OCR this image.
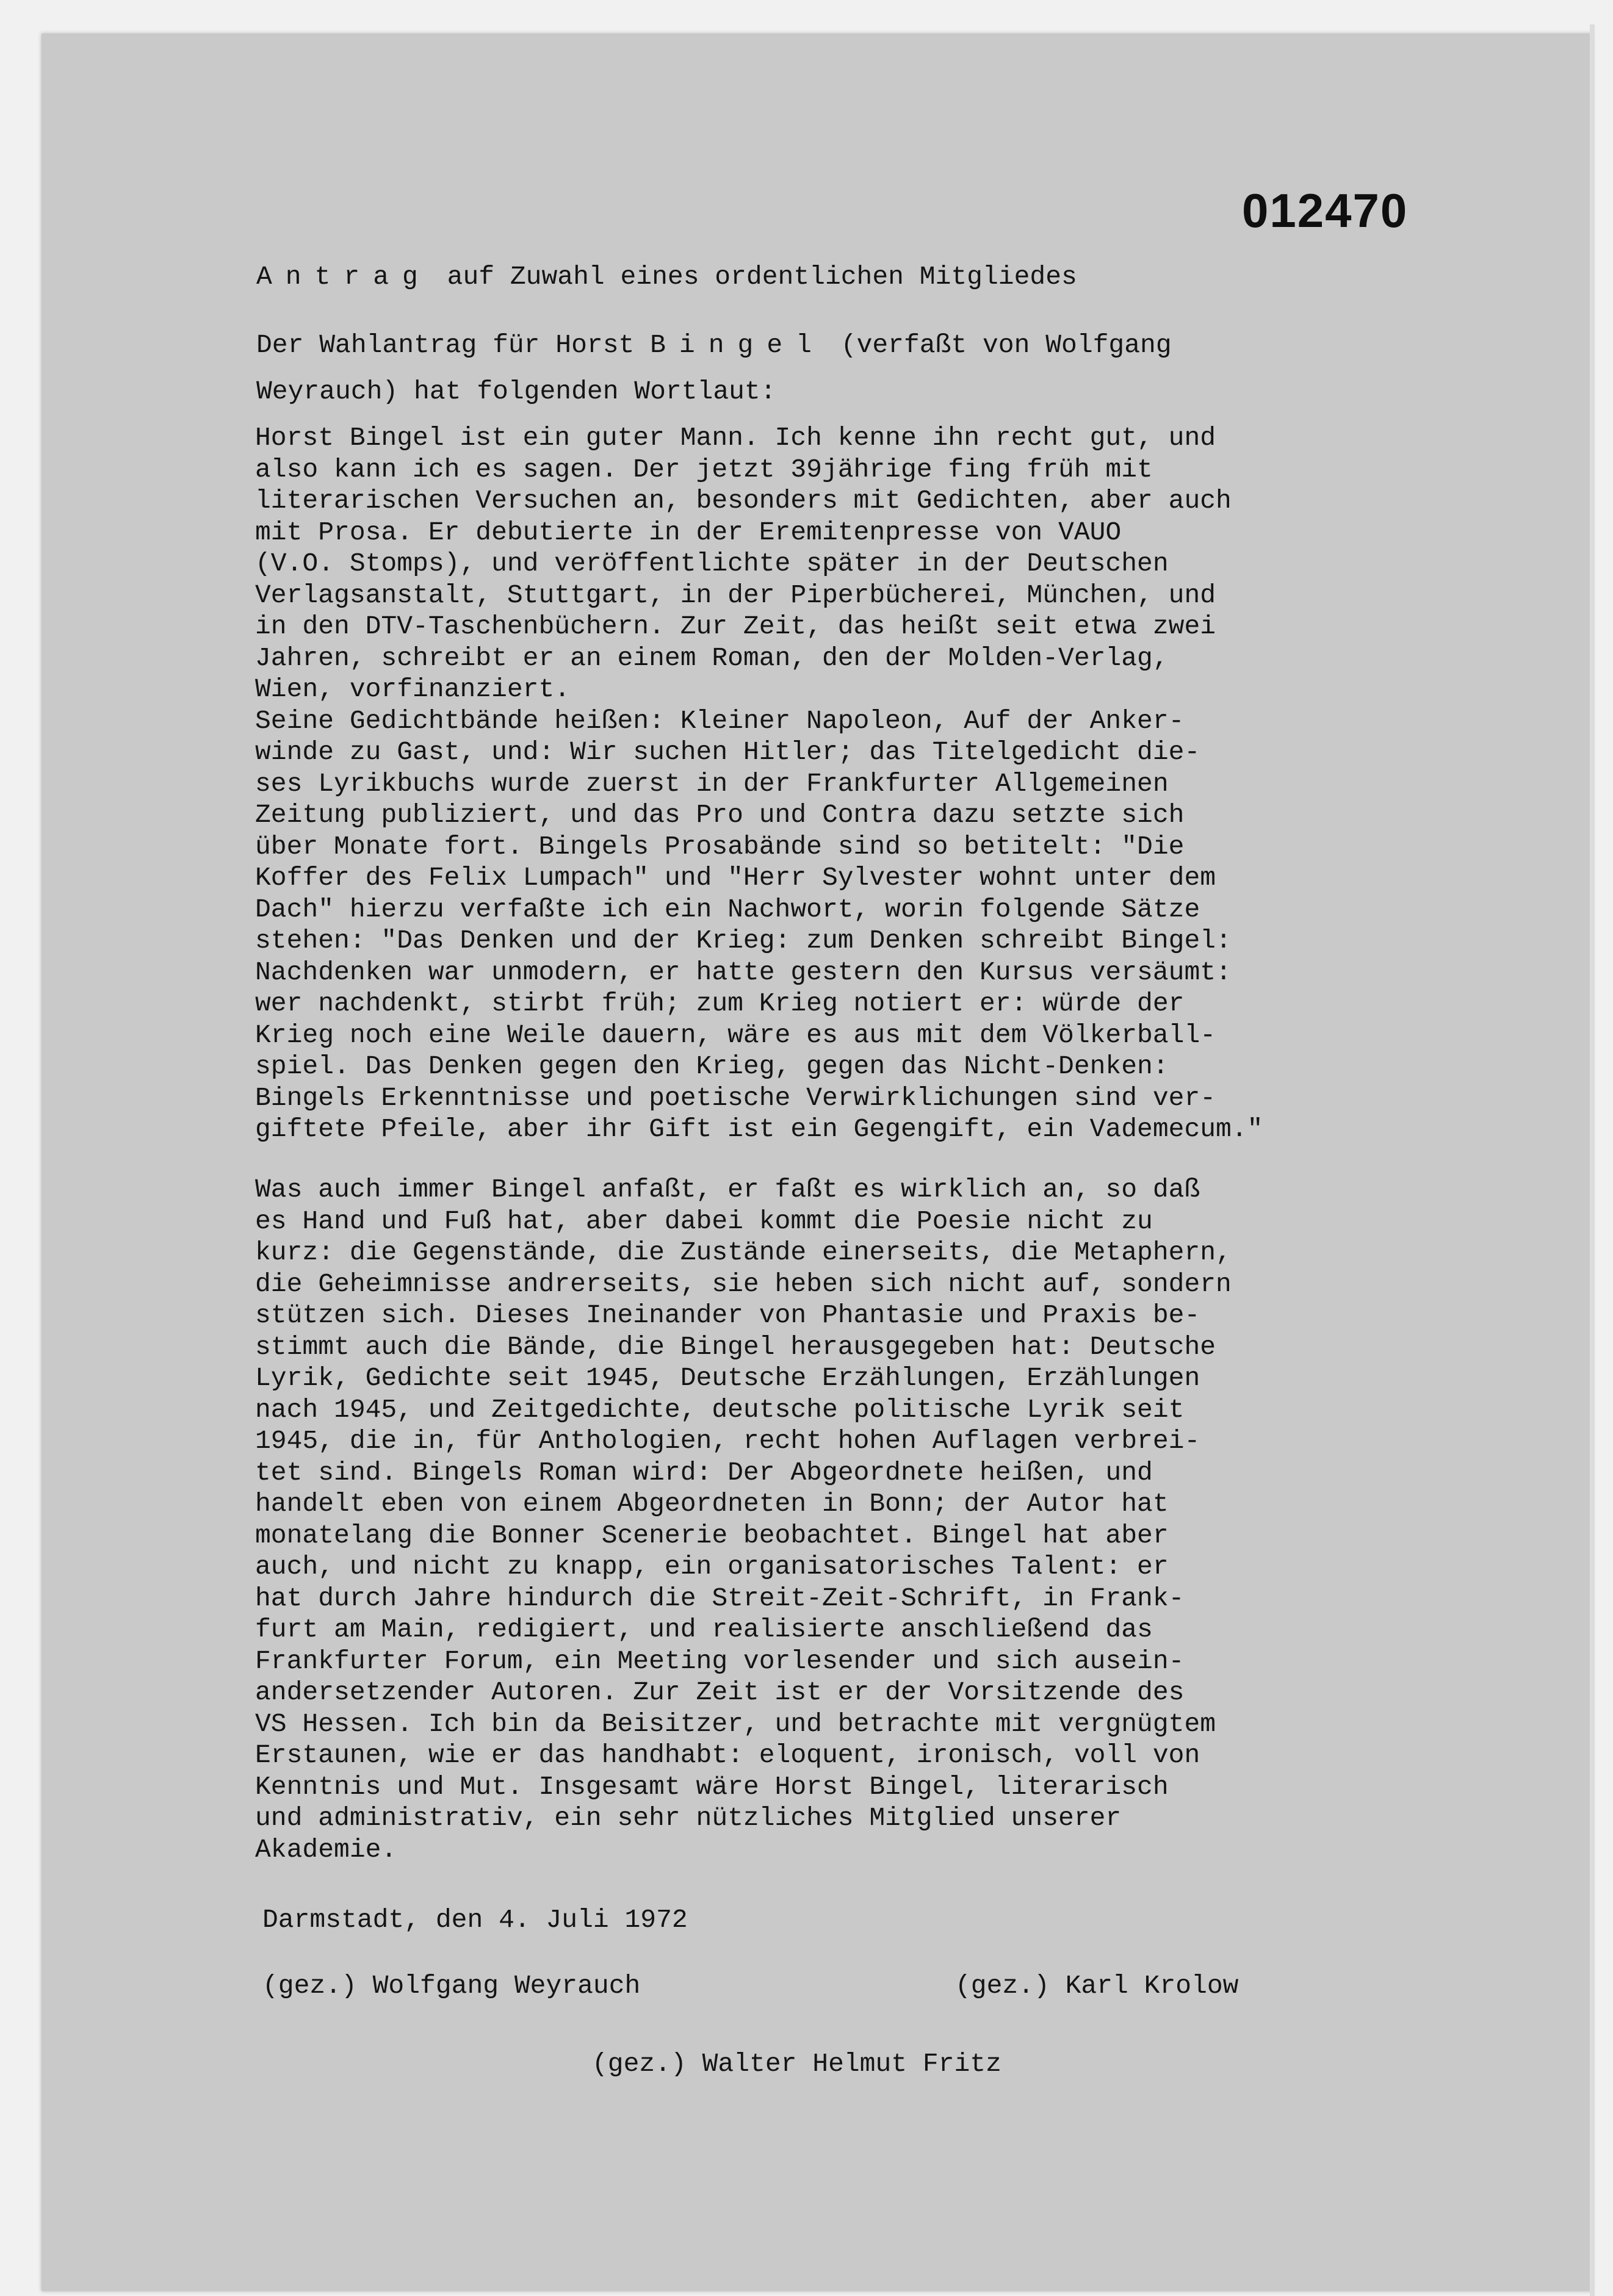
012470
Antrag auf Zuwahl eines ordentlichen Mitgliedes
Der Wahlantrag für Horst Bingel (verfaßt von Wolfgang
Weyrauch) hat folgenden Wortlaut:
Horst Bingel ist ein guter Mann. Ich kenne ihn recht gut, und
also kann ich es sagen. Der jetzt 39jährige fing früh mit
literarischen Versuchen an, besonders mit Gedichten, aber auch
mit Prosa. Er debutierte in der Eremitenpresse von VAUO
(V.O. Stomps), und veröffentlichte später in der Deutschen
Verlagsanstalt, Stuttgart, in der Piperbücherei, München, und
in den DTV-Taschenbüchern. Zur Zeit, das heißt seit etwa zwei
Jahren, schreibt er an einem Roman, den der Molden-Verlag,
Wien, vorfinanziert.
Seine Gedichtbände heißen: Kleiner Napoleon, Auf der Anker-
winde zu Gast, und: Wir suchen Hitler; das Titelgedicht die-
ses Lyrikbuchs wurde zuerst in der Frankfurter Allgemeinen
Zeitung publiziert, und das Pro und Contra dazu setzte sich
über Monate fort. Bingels Prosabände sind so betitelt: "Die
Koffer des Felix Lumpach" und "Herr Sylvester wohnt unter dem
Dach" hierzu verfaßte ich ein Nachwort, worin folgende Sätze
stehen: "Das Denken und der Krieg: zum Denken schreibt Bingel:
Nachdenken war unmodern, er hatte gestern den Kursus versäumt:
wer nachdenkt, stirbt früh; zum Krieg notiert er: würde der
Krieg noch eine Weile dauern, wäre es aus mit dem Völkerball-
spiel. Das Denken gegen den Krieg, gegen das Nicht-Denken:
Bingels Erkenntnisse und poetische Verwirklichungen sind ver-
giftete Pfeile, aber ihr Gift ist ein Gegengift, ein Vademecum."
Was auch immer Bingel anfaßt, er faßt es wirklich an, so daß
es Hand und Fuß hat, aber dabei kommt die Poesie nicht zu
kurz: die Gegenstände, die Zustände einerseits, die Metaphern,
die Geheimnisse andrerseits, sie heben sich nicht auf, sondern
stützen sich. Dieses Ineinander von Phantasie und Praxis be-
stimmt auch die Bände, die Bingel herausgegeben hat: Deutsche
Lyrik, Gedichte seit 1945, Deutsche Erzählungen, Erzählungen
nach 1945, und Zeitgedichte, deutsche politische Lyrik seit
1945, die in, für Anthologien, recht hohen Auflagen verbrei-
tet sind. Bingels Roman wird: Der Abgeordnete heißen, und
handelt eben von einem Abgeordneten in Bonn; der Autor hat
monatelang die Bonner Scenerie beobachtet. Bingel hat aber
auch, und nicht zu knapp, ein organisatorisches Talent: er
hat durch Jahre hindurch die Streit-Zeit-Schrift, in Frank-
furt am Main, redigiert, und realisierte anschließend das
Frankfurter Forum, ein Meeting vorlesender und sich ausein-
andersetzender Autoren. Zur Zeit ist er der Vorsitzende des
VS Hessen. Ich bin da Beisitzer, und betrachte mit vergnügtem
Erstaunen, wie er das handhabt: eloquent, ironisch, voll von
Kenntnis und Mut. Insgesamt wäre Horst Bingel, literarisch
und administrativ, ein sehr nützliches Mitglied unserer
Akademie.
Darmstadt, den 4. Juli 1972
(gez.) Wolfgang Weyrauch	(gez.) Karl Krolow
(gez.) Walter Helmut Fritz
